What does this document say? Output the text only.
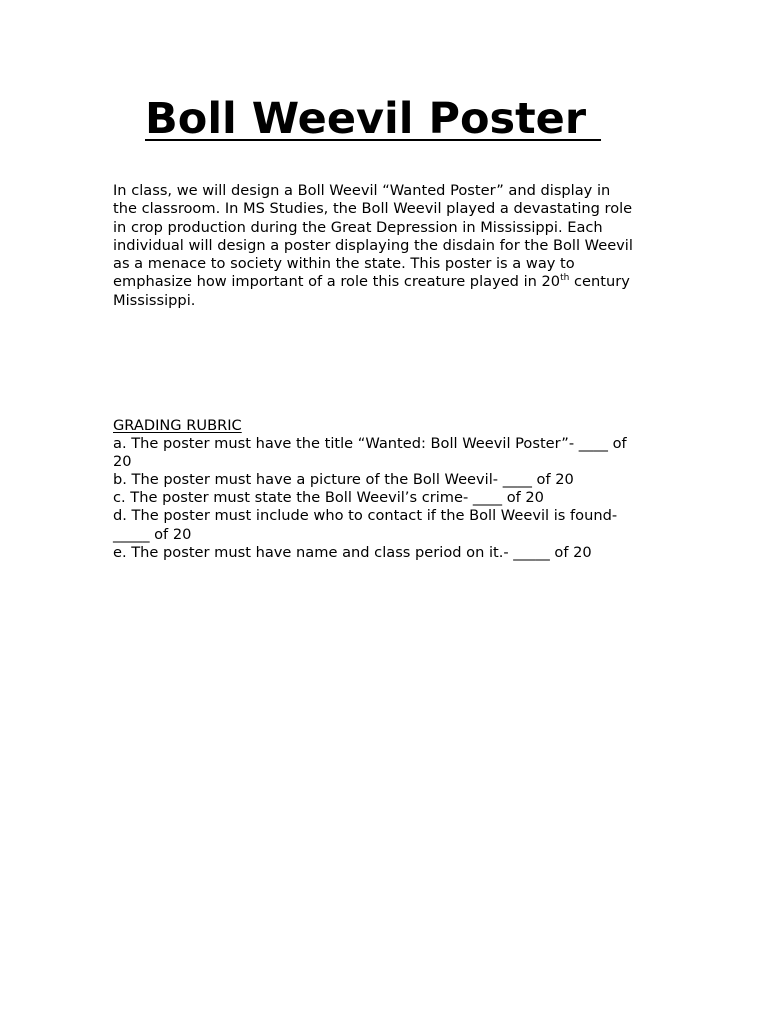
Boll Weevil Poster
In class, we will design a Boll Weevil “Wanted Poster” and display in
the classroom. In MS Studies, the Boll Weevil played a devastating role
in crop production during the Great Depression in Mississippi. Each
individual will design a poster displaying the disdain for the Boll Weevil
as a menace to society within the state. This poster is a way to
emphasize how important of a role this creature played in 20th century
Mississippi.
GRADING RUBRIC
a. The poster must have the title “Wanted: Boll Weevil Poster”- ____ of
20
b. The poster must have a picture of the Boll Weevil- ____ of 20
c. The poster must state the Boll Weevil’s crime- ____ of 20
d. The poster must include who to contact if the Boll Weevil is found-
_____ of 20
e. The poster must have name and class period on it.- _____ of 20
